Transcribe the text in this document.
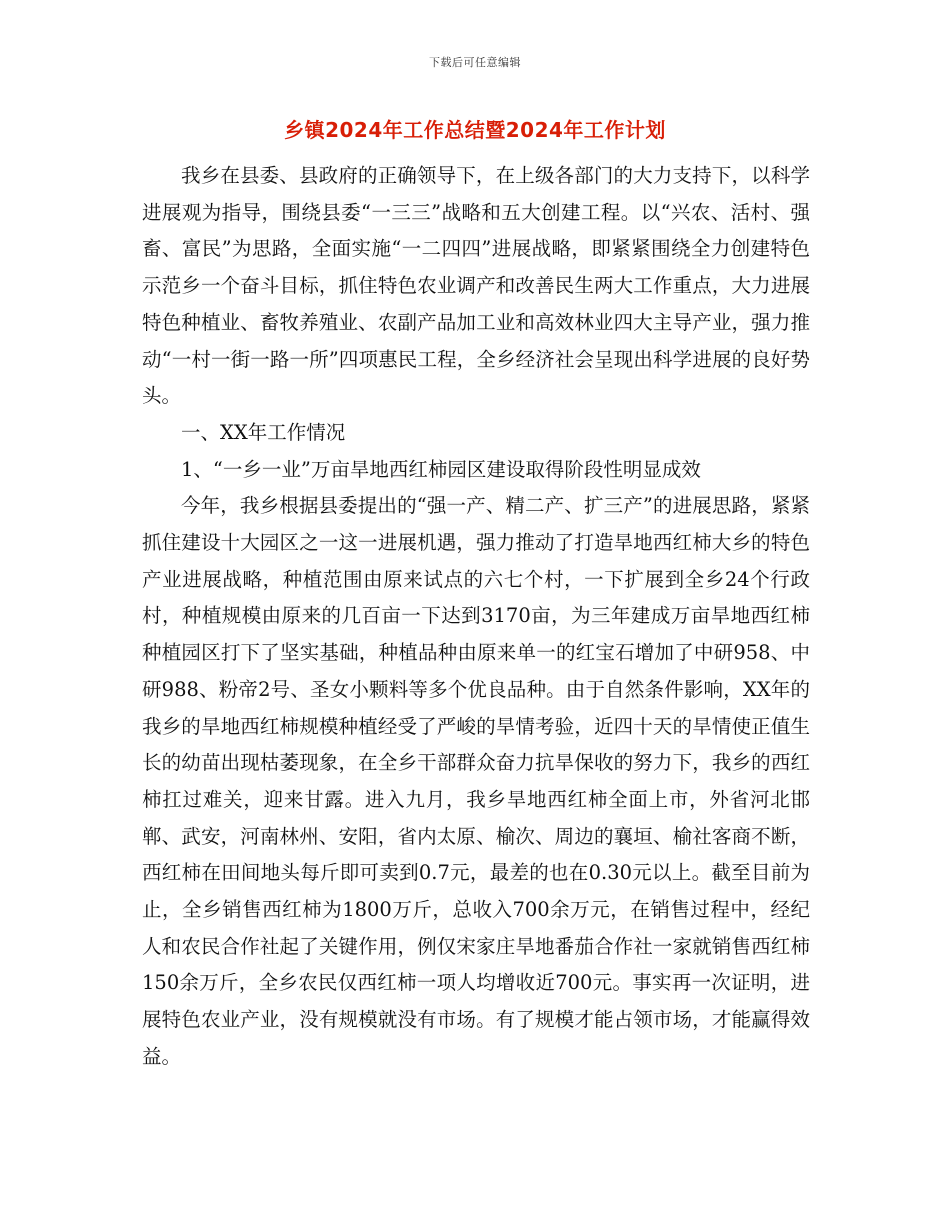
下载后可任意编辑
乡镇2024年工作总结暨2024年工作计划

我乡在县委、县政府的正确领导下，在上级各部门的大力支持下，以科学进展观为指导，围绕县委“一三三”战略和五大创建工程。以“兴农、活村、强畜、富民”为思路，全面实施“一二四四”进展战略，即紧紧围绕全力创建特色示范乡一个奋斗目标，抓住特色农业调产和改善民生两大工作重点，大力进展特色种植业、畜牧养殖业、农副产品加工业和高效林业四大主导产业，强力推动“一村一街一路一所”四项惠民工程，全乡经济社会呈现出科学进展的良好势头。

一、XX年工作情况

1、“一乡一业”万亩旱地西红柿园区建设取得阶段性明显成效

今年，我乡根据县委提出的“强一产、精二产、扩三产”的进展思路，紧紧抓住建设十大园区之一这一进展机遇，强力推动了打造旱地西红柿大乡的特色产业进展战略，种植范围由原来试点的六七个村，一下扩展到全乡24个行政村，种植规模由原来的几百亩一下达到3170亩，为三年建成万亩旱地西红柿种植园区打下了坚实基础，种植品种由原来单一的红宝石增加了中研958、中研988、粉帝2号、圣女小颗料等多个优良品种。由于自然条件影响，XX年的我乡的旱地西红柿规模种植经受了严峻的旱情考验，近四十天的旱情使正值生长的幼苗出现枯萎现象，在全乡干部群众奋力抗旱保收的努力下，我乡的西红柿扛过难关，迎来甘露。进入九月，我乡旱地西红柿全面上市，外省河北邯郸、武安，河南林州、安阳，省内太原、榆次、周边的襄垣、榆社客商不断，西红柿在田间地头每斤即可卖到0.7元，最差的也在0.30元以上。截至目前为止，全乡销售西红柿为1800万斤，总收入700余万元，在销售过程中，经纪人和农民合作社起了关键作用，例仅宋家庄旱地番茄合作社一家就销售西红柿150余万斤，全乡农民仅西红柿一项人均增收近700元。事实再一次证明，进展特色农业产业，没有规模就没有市场。有了规模才能占领市场，才能赢得效益。
